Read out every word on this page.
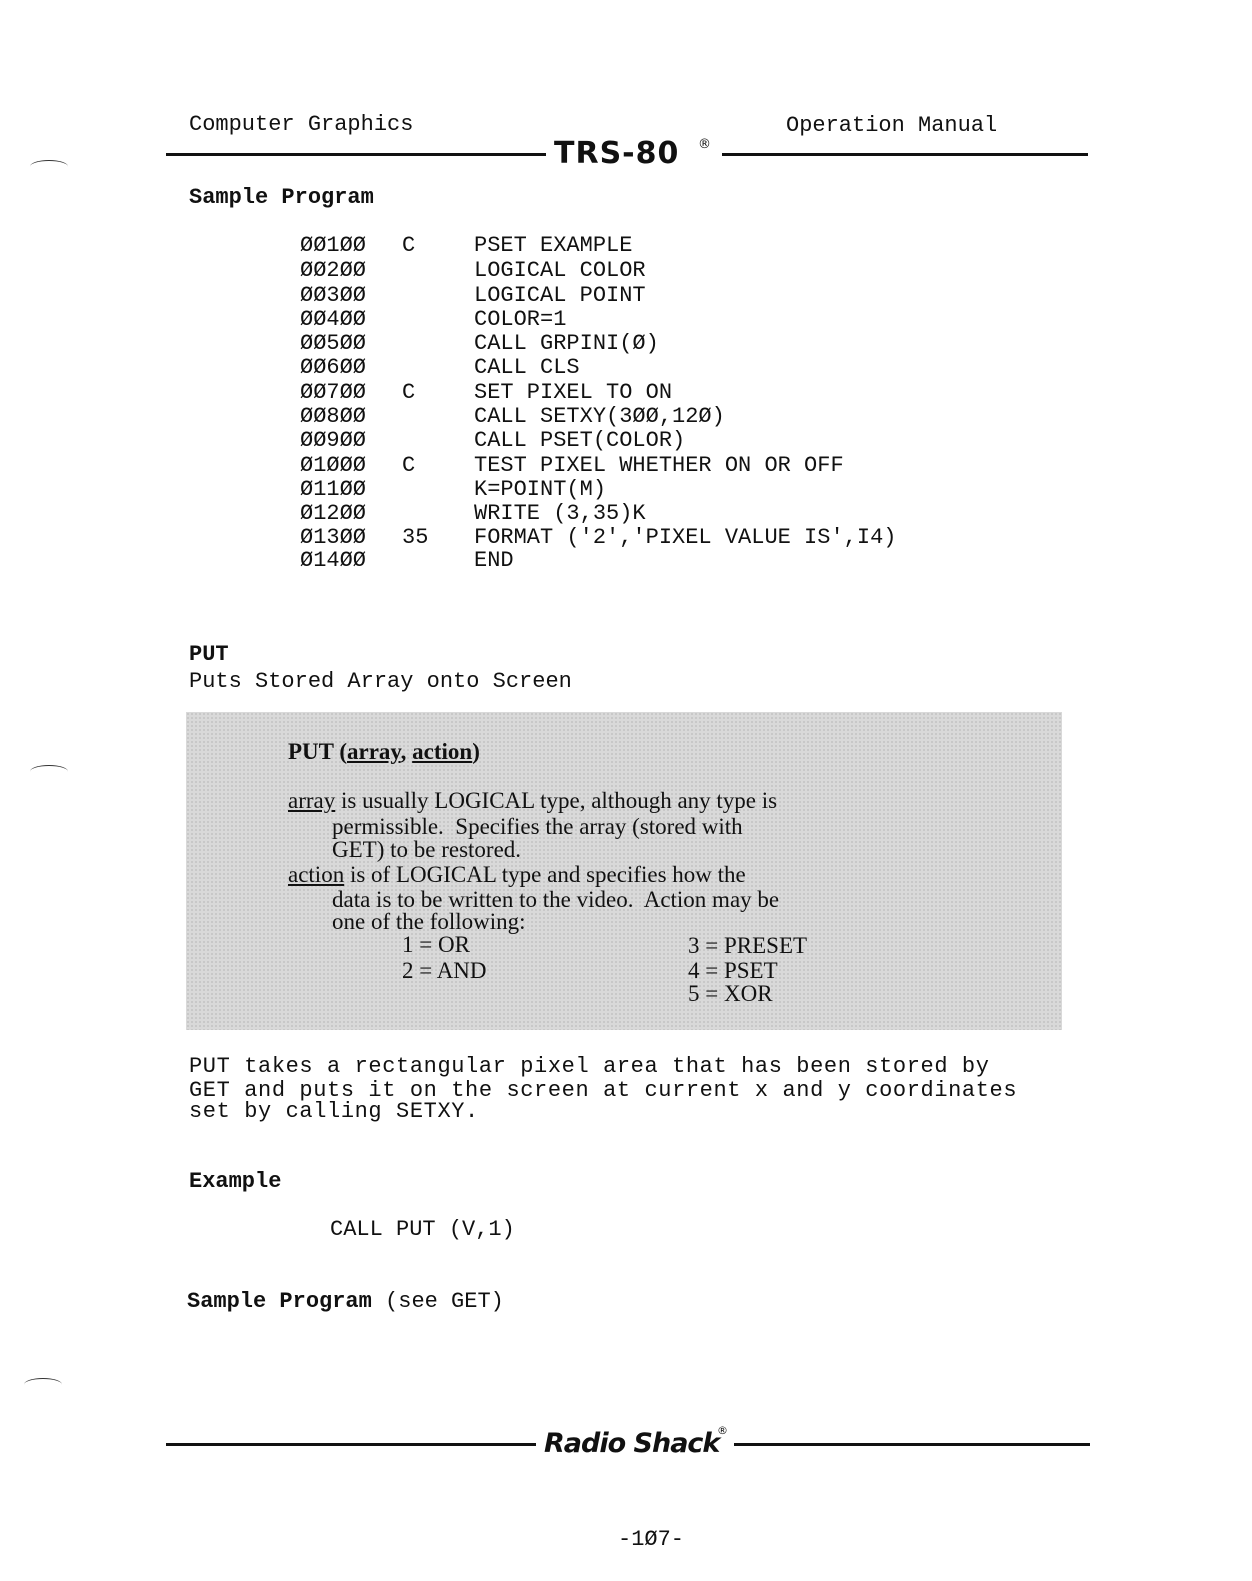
Computer Graphics	Operation Manual
TRS-80 ®
Sample Program
ØØ1ØØ C	PSET EXAMPLE
ØØ2ØØ	LOGICAL COLOR
ØØ3ØØ	LOGICAL POINT
ØØ4ØØ	COLOR=1
ØØ5ØØ	CALL GRPINI(Ø)
ØØ6ØØ	CALL CLS
ØØ7ØØ C	SET PIXEL TO ON
ØØ8ØØ	CALL SETXY(3ØØ,12Ø)
ØØ9ØØ	CALL PSET(COLOR)
Ø1ØØØ C	TEST PIXEL WHETHER ON OR OFF
Ø11ØØ	K=POINT(M)
Ø12ØØ	WRITE (3,35)K
Ø13ØØ 35 FORMAT ('2','PIXEL VALUE IS',I4)
Ø14ØØ	END
PUT
Puts Stored Array onto Screen
PUT (array, action)
array is usually LOGICAL type, although any type is
permissible.  Specifies the array (stored with
GET) to be restored.
action is of LOGICAL type and specifies how the
data is to be written to the video.  Action may be
one of the following:
1 = OR
2 = AND
3 = PRESET
4 = PSET
5 = XOR
PUT takes a rectangular pixel area that has been stored by
GET and puts it on the screen at current x and y coordinates
set by calling SETXY.
Example
CALL PUT (V,1)
Sample Program (see GET)
Radio Shack
®
-1Ø7-
